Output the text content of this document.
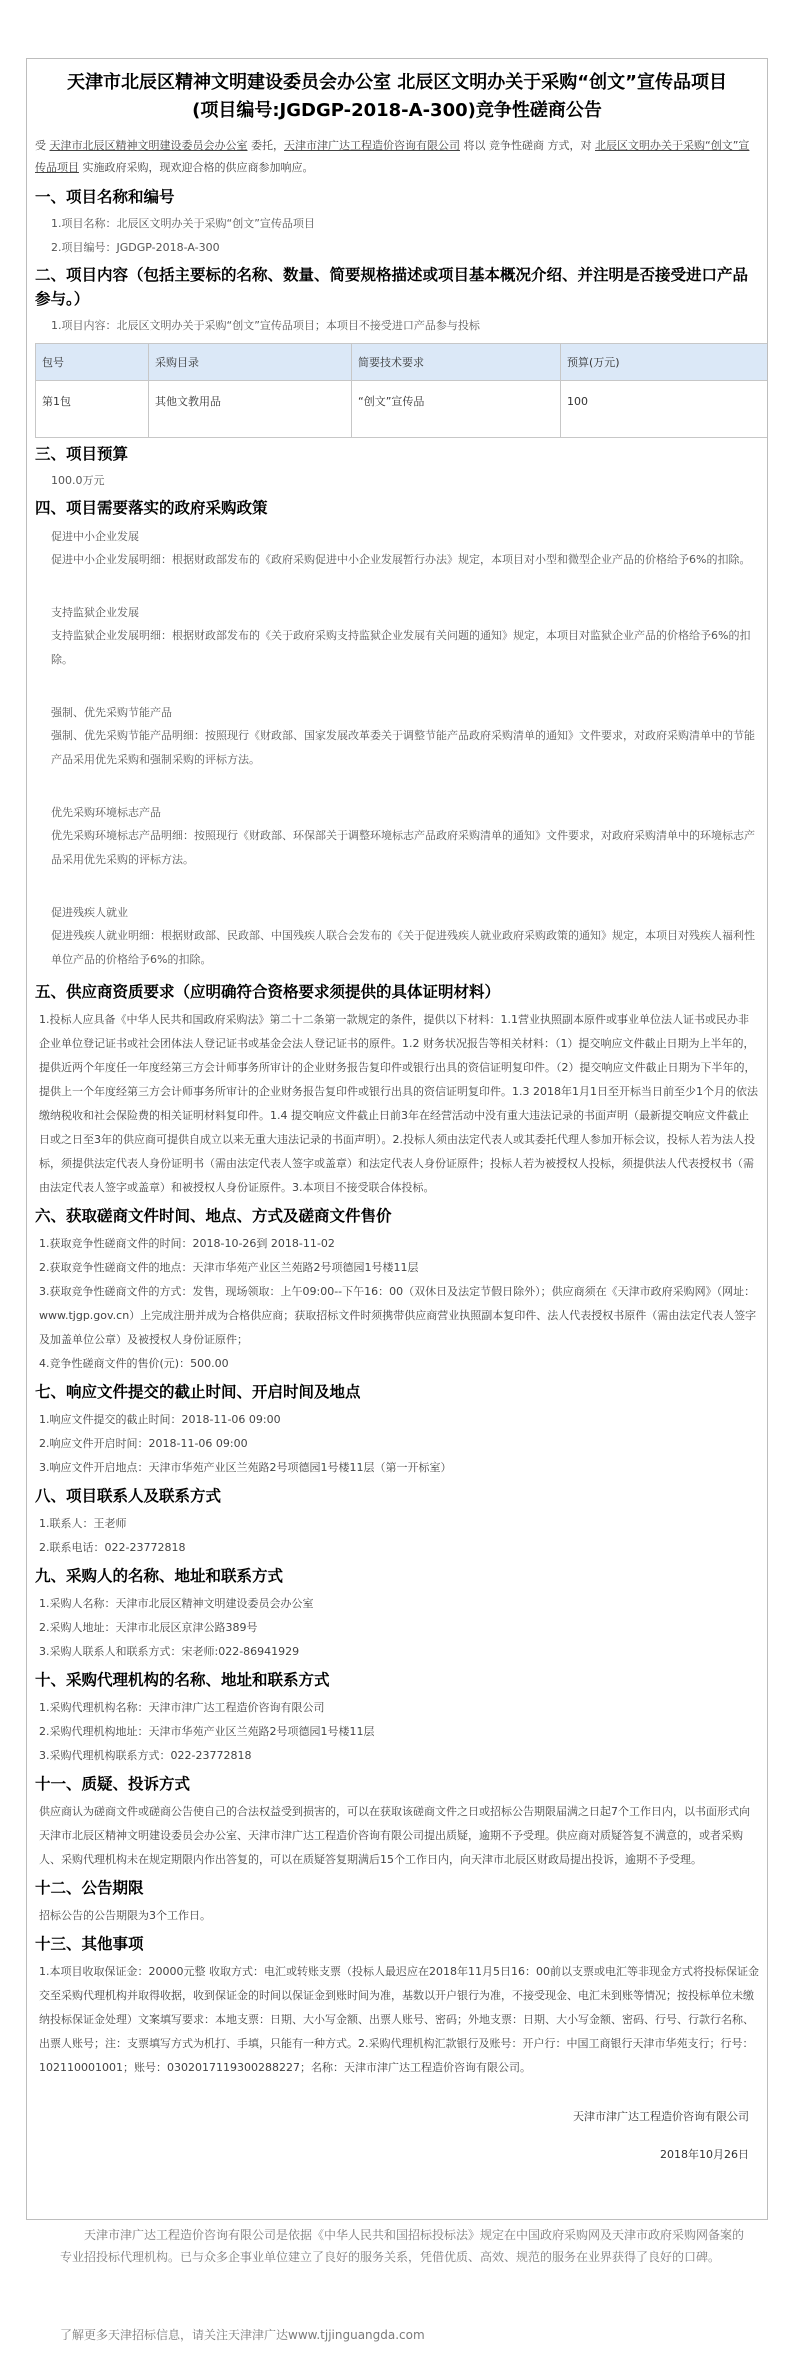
天津市北辰区精神文明建设委员会办公室 北辰区文明办关于采购“创文”宣传品项目
(项目编号:JGDGP-2018-A-300)竞争性磋商公告
受 天津市北辰区精神文明建设委员会办公室 委托，天津市津广达工程造价咨询有限公司 将以 竞争性磋商 方式，对 北辰区文明办关于采购“创文”宣传品项目 实施政府采购，现欢迎合格的供应商参加响应。
一、项目名称和编号
1.项目名称：北辰区文明办关于采购“创文”宣传品项目
2.项目编号：JGDGP-2018-A-300
二、项目内容（包括主要标的名称、数量、简要规格描述或项目基本概况介绍、并注明是否接受进口产品参与。）
1.项目内容：北辰区文明办关于采购“创文”宣传品项目；本项目不接受进口产品参与投标
包号	采购目录	简要技术要求	预算(万元)
第1包	其他文教用品	“创文”宣传品	100
三、项目预算
100.0万元
四、项目需要落实的政府采购政策
促进中小企业发展
促进中小企业发展明细：根据财政部发布的《政府采购促进中小企业发展暂行办法》规定，本项目对小型和微型企业产品的价格给予6%的扣除。
支持监狱企业发展
支持监狱企业发展明细：根据财政部发布的《关于政府采购支持监狱企业发展有关问题的通知》规定，本项目对监狱企业产品的价格给予6%的扣除。
强制、优先采购节能产品
强制、优先采购节能产品明细：按照现行《财政部、国家发展改革委关于调整节能产品政府采购清单的通知》文件要求，对政府采购清单中的节能产品采用优先采购和强制采购的评标方法。
优先采购环境标志产品
优先采购环境标志产品明细：按照现行《财政部、环保部关于调整环境标志产品政府采购清单的通知》文件要求，对政府采购清单中的环境标志产品采用优先采购的评标方法。
促进残疾人就业
促进残疾人就业明细：根据财政部、民政部、中国残疾人联合会发布的《关于促进残疾人就业政府采购政策的通知》规定，本项目对残疾人福利性单位产品的价格给予6%的扣除。
五、供应商资质要求（应明确符合资格要求须提供的具体证明材料）
1.投标人应具备《中华人民共和国政府采购法》第二十二条第一款规定的条件，提供以下材料：1.1营业执照副本原件或事业单位法人证书或民办非企业单位登记证书或社会团体法人登记证书或基金会法人登记证书的原件。1.2 财务状况报告等相关材料：（1）提交响应文件截止日期为上半年的，提供近两个年度任一年度经第三方会计师事务所审计的企业财务报告复印件或银行出具的资信证明复印件。（2）提交响应文件截止日期为下半年的，提供上一个年度经第三方会计师事务所审计的企业财务报告复印件或银行出具的资信证明复印件。1.3 2018年1月1日至开标当日前至少1个月的依法缴纳税收和社会保险费的相关证明材料复印件。1.4 提交响应文件截止日前3年在经营活动中没有重大违法记录的书面声明（最新提交响应文件截止日或之日至3年的供应商可提供自成立以来无重大违法记录的书面声明）。2.投标人须由法定代表人或其委托代理人参加开标会议，投标人若为法人投标，须提供法定代表人身份证明书（需由法定代表人签字或盖章）和法定代表人身份证原件；投标人若为被授权人投标，须提供法人代表授权书（需由法定代表人签字或盖章）和被授权人身份证原件。3.本项目不接受联合体投标。
六、获取磋商文件时间、地点、方式及磋商文件售价
1.获取竞争性磋商文件的时间：2018-10-26到 2018-11-02
2.获取竞争性磋商文件的地点：天津市华苑产业区兰苑路2号项德园1号楼11层
3.获取竞争性磋商文件的方式：发售，现场领取：上午09:00--下午16：00（双休日及法定节假日除外）；供应商须在《天津市政府采购网》（网址：www.tjgp.gov.cn）上完成注册并成为合格供应商；获取招标文件时须携带供应商营业执照副本复印件、法人代表授权书原件（需由法定代表人签字及加盖单位公章）及被授权人身份证原件；
4.竞争性磋商文件的售价(元)：500.00
七、响应文件提交的截止时间、开启时间及地点
1.响应文件提交的截止时间：2018-11-06 09:00
2.响应文件开启时间：2018-11-06 09:00
3.响应文件开启地点：天津市华苑产业区兰苑路2号项德园1号楼11层（第一开标室）
八、项目联系人及联系方式
1.联系人：王老师
2.联系电话：022-23772818
九、采购人的名称、地址和联系方式
1.采购人名称：天津市北辰区精神文明建设委员会办公室
2.采购人地址：天津市北辰区京津公路389号
3.采购人联系人和联系方式：宋老师:022-86941929
十、采购代理机构的名称、地址和联系方式
1.采购代理机构名称：天津市津广达工程造价咨询有限公司
2.采购代理机构地址：天津市华苑产业区兰苑路2号项德园1号楼11层
3.采购代理机构联系方式：022-23772818
十一、质疑、投诉方式
供应商认为磋商文件或磋商公告使自己的合法权益受到损害的，可以在获取该磋商文件之日或招标公告期限届满之日起7个工作日内，以书面形式向天津市北辰区精神文明建设委员会办公室、天津市津广达工程造价咨询有限公司提出质疑，逾期不予受理。供应商对质疑答复不满意的，或者采购人、采购代理机构未在规定期限内作出答复的，可以在质疑答复期满后15个工作日内，向天津市北辰区财政局提出投诉，逾期不予受理。
十二、公告期限
招标公告的公告期限为3个工作日。
十三、其他事项
1.本项目收取保证金：20000元整 收取方式：电汇或转账支票（投标人最迟应在2018年11月5日16：00前以支票或电汇等非现金方式将投标保证金交至采购代理机构并取得收据，收到保证金的时间以保证金到账时间为准，基数以开户银行为准，不接受现金、电汇未到账等情况；按投标单位未缴纳投标保证金处理）文案填写要求：本地支票：日期、大小写金额、出票人账号、密码；外地支票：日期、大小写金额、密码、行号、行款行名称、出票人账号；注：支票填写方式为机打、手填，只能有一种方式。2.采购代理机构汇款银行及账号：开户行：中国工商银行天津市华苑支行；行号：102110001001；账号：0302017119300288227；名称：天津市津广达工程造价咨询有限公司。
天津市津广达工程造价咨询有限公司
2018年10月26日
天津市津广达工程造价咨询有限公司是依据《中华人民共和国招标投标法》规定在中国政府采购网及天津市政府采购网备案的专业招投标代理机构。已与众多企事业单位建立了良好的服务关系，凭借优质、高效、规范的服务在业界获得了良好的口碑。
了解更多天津招标信息，请关注天津津广达www.tjjinguangda.com
